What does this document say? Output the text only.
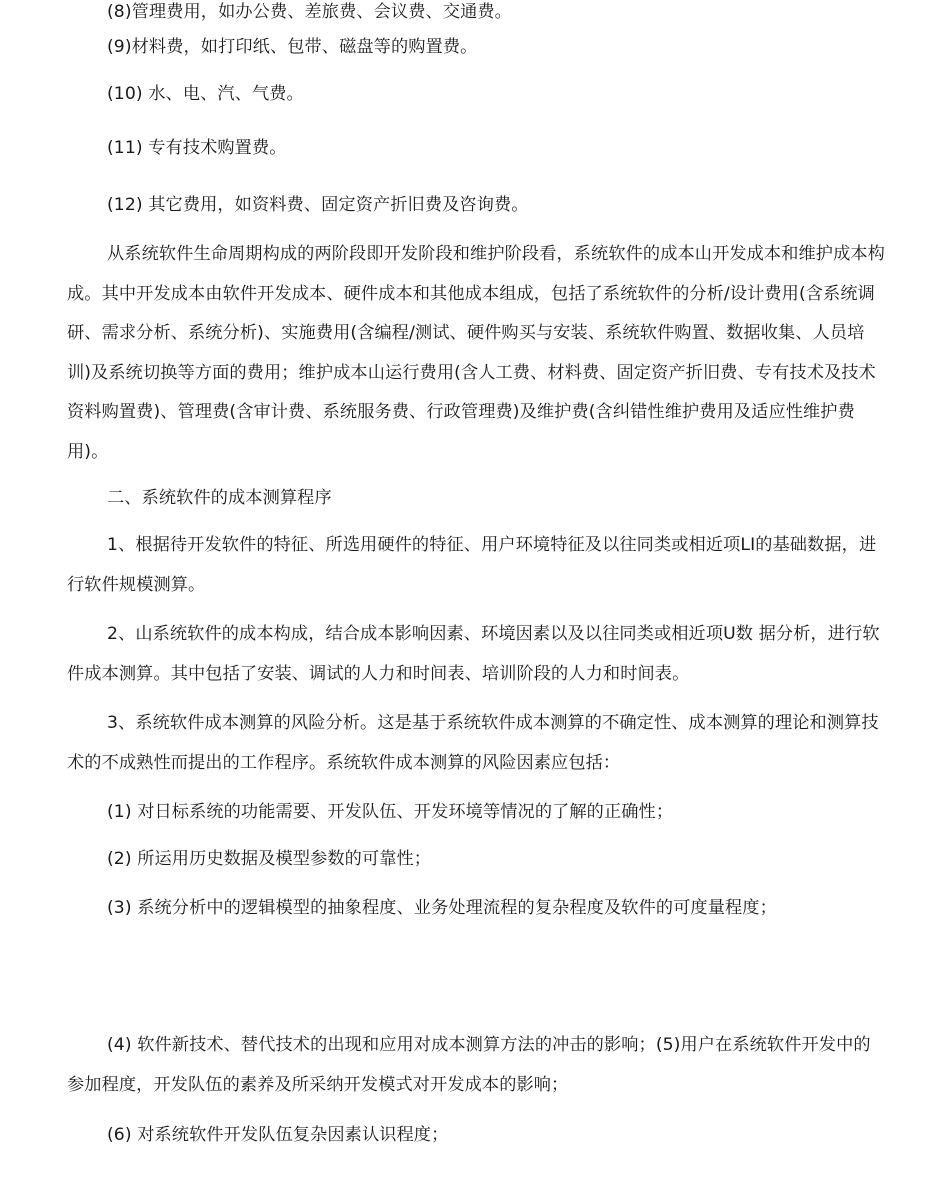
(8)管理费用，如办公费、差旅费、会议费、交通费。

(9)材料费，如打印纸、包带、磁盘等的购置费。

(10) 水、电、汽、气费。

(11) 专有技术购置费。

(12) 其它费用，如资料费、固定资产折旧费及咨询费。

从系统软件生命周期构成的两阶段即开发阶段和维护阶段看，系统软件的成本山开发成本和维护成本构成。其中开发成本由软件开发成本、硬件成本和其他成本组成，包括了系统软件的分析/设计费用(含系统调研、需求分析、系统分析)、实施费用(含编程/测试、硬件购买与安装、系统软件购置、数据收集、人员培训)及系统切换等方面的费用；维护成本山运行费用(含人工费、材料费、固定资产折旧费、专有技术及技术资料购置费)、管理费(含审计费、系统服务费、行政管理费)及维护费(含纠错性维护费用及适应性维护费用)。

二、系统软件的成本测算程序

1、根据待开发软件的特征、所选用硬件的特征、用户环境特征及以往同类或相近项LI的基础数据，进行软件规模测算。

2、山系统软件的成本构成，结合成本影响因素、环境因素以及以往同类或相近项U数 据分析，进行软件成本测算。其中包括了安装、调试的人力和时间表、培训阶段的人力和时间表。

3、系统软件成本测算的风险分析。这是基于系统软件成本测算的不确定性、成本测算的理论和测算技术的不成熟性而提出的工作程序。系统软件成本测算的风险因素应包括：

(1) 对日标系统的功能需要、开发队伍、开发环境等情况的了解的正确性；

(2) 所运用历史数据及模型参数的可靠性；

(3) 系统分析中的逻辑模型的抽象程度、业务处理流程的复杂程度及软件的可度量程度；

(4) 软件新技术、替代技术的出现和应用对成本测算方法的冲击的影响；(5)用户在系统软件开发中的参加程度，开发队伍的素养及所采纳开发模式对开发成本的影响；

(6) 对系统软件开发队伍复杂因素认识程度；
